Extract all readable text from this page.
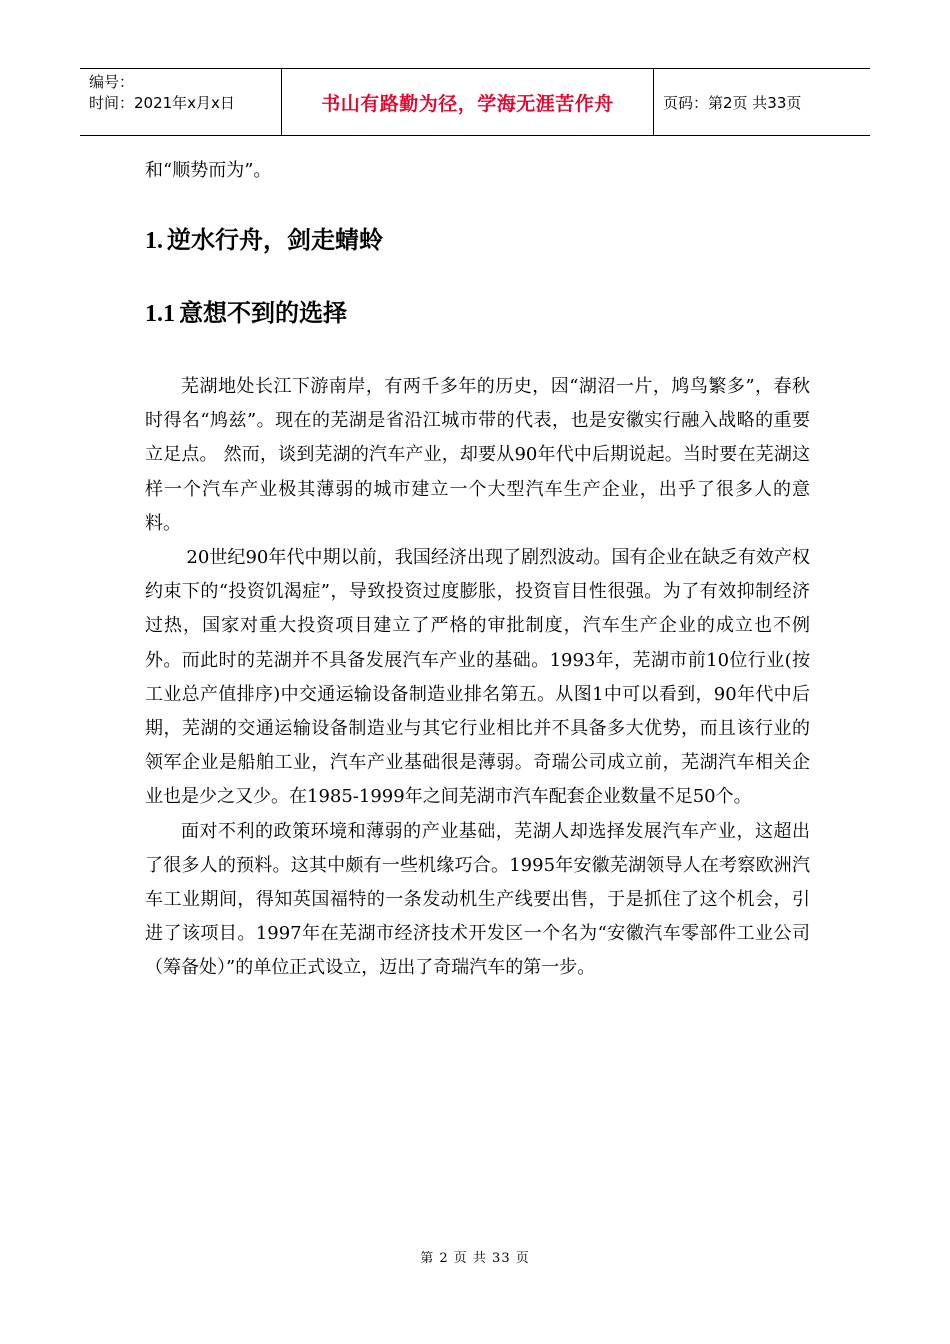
编号：
时间：2021年x月x日	书山有路勤为径，学海无涯苦作舟	页码：第2页 共33页

和“顺势而为”。

1. 逆水行舟，剑走蜻蛉
1.1 意想不到的选择

芜湖地处长江下游南岸，有两千多年的历史，因“湖沼一片，鸠鸟繁多”，春秋时得名“鸠兹”。现在的芜湖是省沿江城市带的代表，也是安徽实行融入战略的重要立足点。 然而，谈到芜湖的汽车产业，却要从90年代中后期说起。当时要在芜湖这样一个汽车产业极其薄弱的城市建立一个大型汽车生产企业，出乎了很多人的意料。

20世纪90年代中期以前，我国经济出现了剧烈波动。国有企业在缺乏有效产权约束下的“投资饥渴症”，导致投资过度膨胀，投资盲目性很强。为了有效抑制经济过热，国家对重大投资项目建立了严格的审批制度，汽车生产企业的成立也不例外。而此时的芜湖并不具备发展汽车产业的基础。1993年，芜湖市前10位行业(按工业总产值排序)中交通运输设备制造业排名第五。从图1中可以看到，90年代中后期，芜湖的交通运输设备制造业与其它行业相比并不具备多大优势，而且该行业的领军企业是船舶工业，汽车产业基础很是薄弱。奇瑞公司成立前，芜湖汽车相关企业也是少之又少。在1985-1999年之间芜湖市汽车配套企业数量不足50个。

面对不利的政策环境和薄弱的产业基础，芜湖人却选择发展汽车产业，这超出了很多人的预料。这其中颇有一些机缘巧合。1995年安徽芜湖领导人在考察欧洲汽车工业期间，得知英国福特的一条发动机生产线要出售，于是抓住了这个机会，引进了该项目。1997年在芜湖市经济技术开发区一个名为“安徽汽车零部件工业公司（筹备处）”的单位正式设立，迈出了奇瑞汽车的第一步。

第 2 页 共 33 页
